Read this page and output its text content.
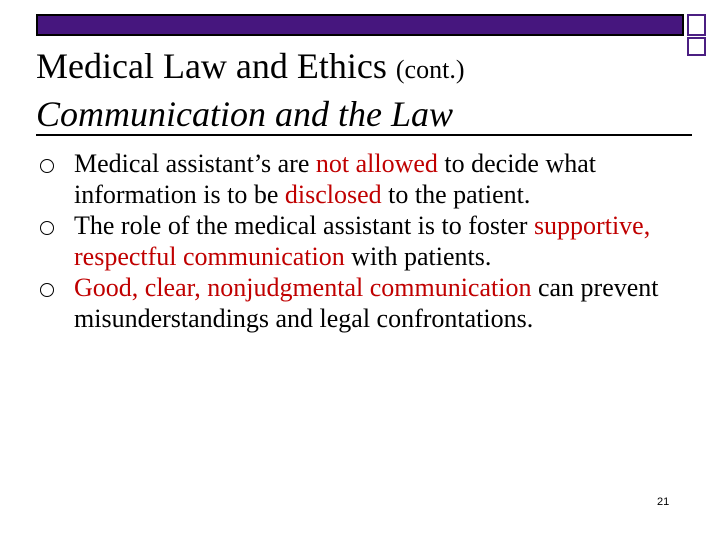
Medical Law and Ethics (cont.)
Communication and the Law
Medical assistant’s are not allowed to decide what information is to be disclosed to the patient.
The role of the medical assistant is to foster supportive, respectful communication with patients.
Good, clear, nonjudgmental communication can prevent misunderstandings and legal confrontations.
21
